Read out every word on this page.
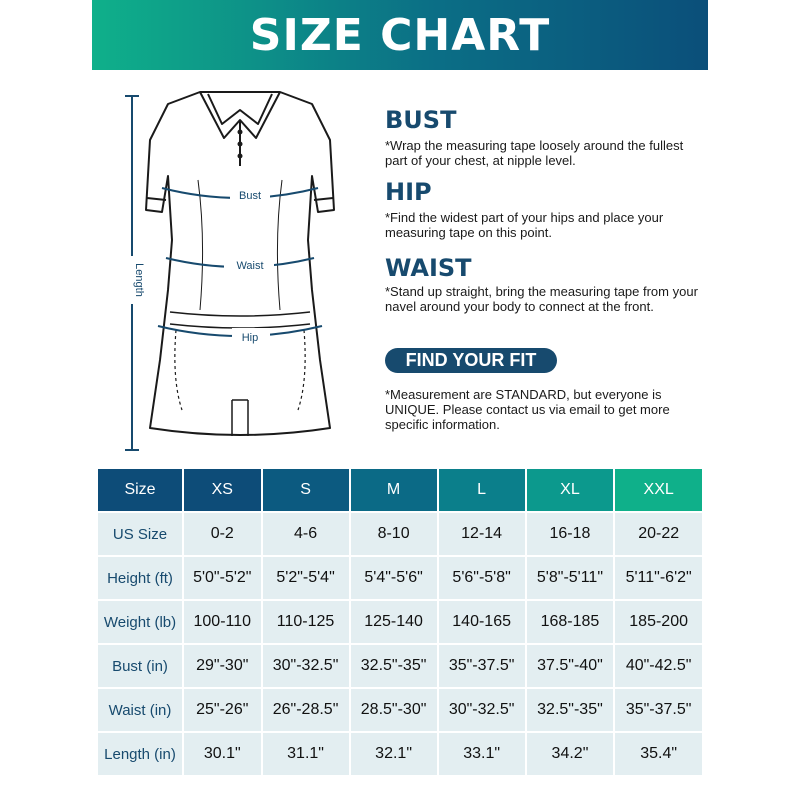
SIZE CHART
Bust
Waist
Hip
Length

BUST

*Wrap the measuring tape loosely around the fullest part of your chest, at nipple level.

HIP

*Find the widest part of your hips and place your measuring tape on this point.

WAIST

*Stand up straight, bring the measuring tape from your navel around your body to connect at the front.

FIND YOUR FIT

*Measurement are STANDARD, but everyone is UNIQUE. Please contact us via email to get more specific information.

Size	XS	S	M	L	XL	XXL
US Size	0-2	4-6	8-10	12-14	16-18	20-22
Height (ft)	5'0"-5'2"	5'2"-5'4"	5'4"-5'6"	5'6"-5'8"	5'8"-5'11"	5'11"-6'2"
Weight (lb)	100-110	110-125	125-140	140-165	168-185	185-200
Bust (in)	29"-30"	30"-32.5"	32.5"-35"	35"-37.5"	37.5"-40"	40"-42.5"
Waist (in)	25"-26"	26"-28.5"	28.5"-30"	30"-32.5"	32.5"-35"	35"-37.5"
Length (in)	30.1"	31.1"	32.1"	33.1"	34.2"	35.4"
